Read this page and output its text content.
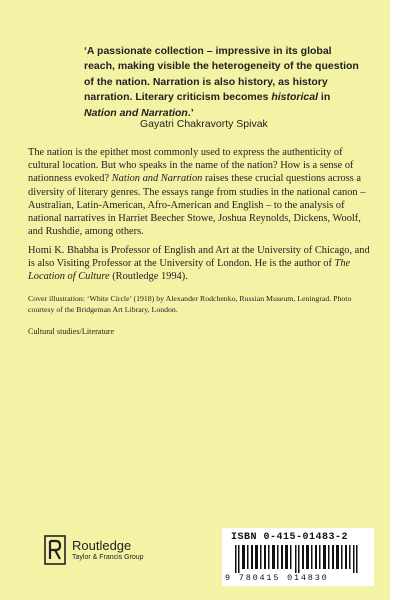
‘A passionate collection – impressive in its global reach, making visible the heterogeneity of the question of the nation. Narration is also history, as history narration. Literary criticism becomes historical in Nation and Narration.’

Gayatri Chakravorty Spivak

The nation is the epithet most commonly used to express the authenticity of cultural location. But who speaks in the name of the nation? How is a sense of nationness evoked? Nation and Narration raises these crucial questions across a diversity of literary genres. The essays range from studies in the national canon – Australian, Latin-American, Afro-American and English – to the analysis of national narratives in Harriet Beecher Stowe, Joshua Reynolds, Dickens, Woolf, and Rushdie, among others.

Homi K. Bhabha is Professor of English and Art at the University of Chicago, and is also Visiting Professor at the University of London. He is the author of The Location of Culture (Routledge 1994).

Cover illustration: ‘White Circle’ (1918) by Alexander Rodchenko, Russian Museum, Leningrad. Photo courtesy of the Bridgeman Art Library, London.

Cultural studies/Literature

Routledge
Taylor & Francis Group
ISBN 0-415-01483-2
9 780415 014830
